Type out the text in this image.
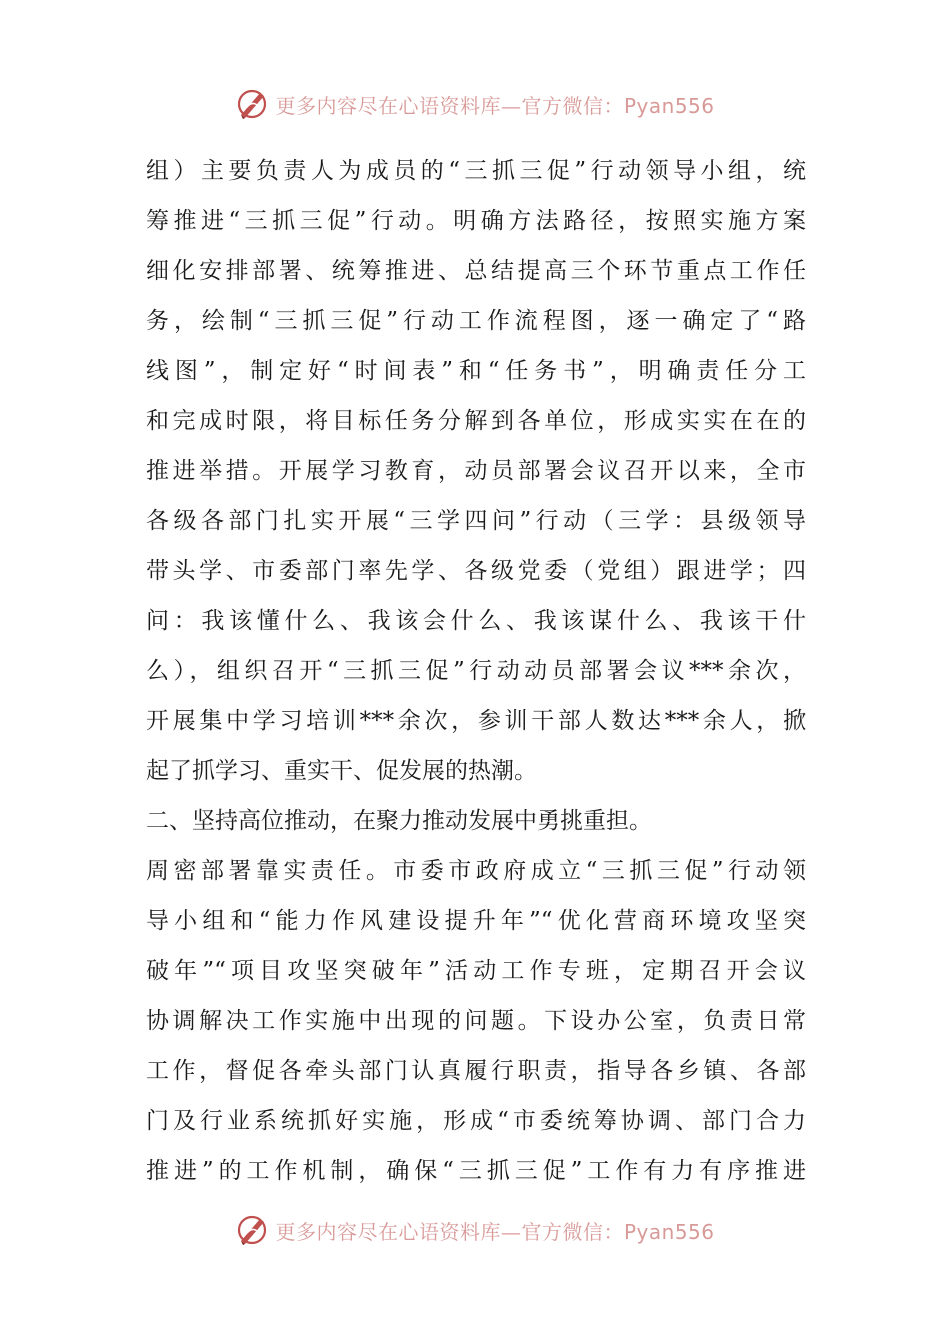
更多内容尽在心语资料库—官方微信：Pyan556
组）主要负责人为成员的“三抓三促”行动领导小组，统
筹推进“三抓三促”行动。明确方法路径，按照实施方案
细化安排部署、统筹推进、总结提高三个环节重点工作任
务，绘制“三抓三促”行动工作流程图，逐一确定了“路
线图”，制定好“时间表”和“任务书”，明确责任分工
和完成时限，将目标任务分解到各单位，形成实实在在的
推进举措。开展学习教育，动员部署会议召开以来，全市
各级各部门扎实开展“三学四问”行动（三学：县级领导
带头学、市委部门率先学、各级党委（党组）跟进学；四
问：我该懂什么、我该会什么、我该谋什么、我该干什
么），组织召开“三抓三促”行动动员部署会议***余次，
开展集中学习培训***余次，参训干部人数达***余人，掀
起了抓学习、重实干、促发展的热潮。
二、坚持高位推动，在聚力推动发展中勇挑重担。
周密部署靠实责任。市委市政府成立“三抓三促”行动领
导小组和“能力作风建设提升年”“优化营商环境攻坚突
破年”“项目攻坚突破年”活动工作专班，定期召开会议
协调解决工作实施中出现的问题。下设办公室，负责日常
工作，督促各牵头部门认真履行职责，指导各乡镇、各部
门及行业系统抓好实施，形成“市委统筹协调、部门合力
推进”的工作机制，确保“三抓三促”工作有力有序推进
更多内容尽在心语资料库—官方微信：Pyan556
